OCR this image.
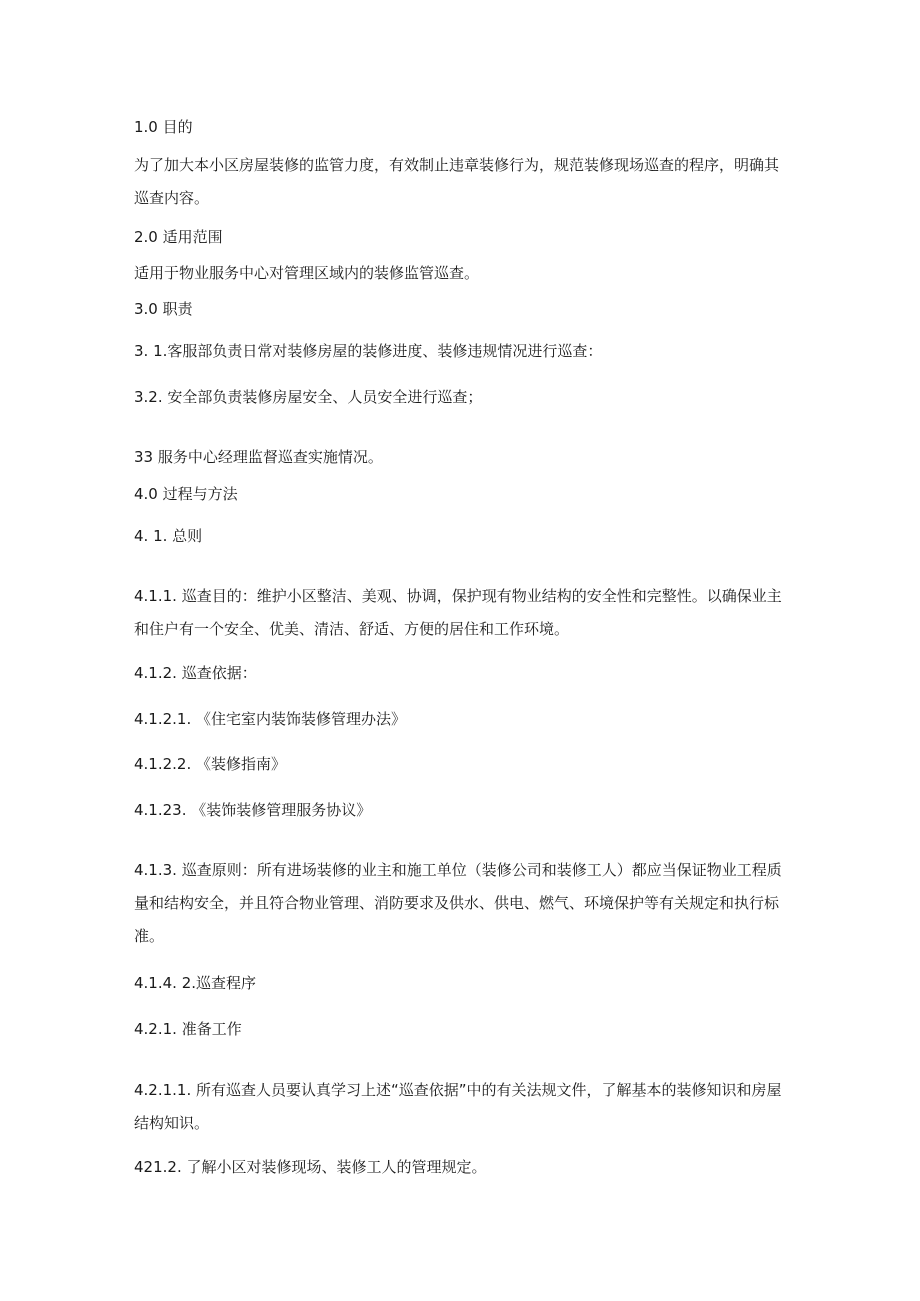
1.0 目的
为了加大本小区房屋装修的监管力度，有效制止违章装修行为，规范装修现场巡查的程序，明确其巡查内容。
2.0 适用范围
适用于物业服务中心对管理区域内的装修监管巡查。
3.0 职责
3. 1.客服部负责日常对装修房屋的装修进度、装修违规情况进行巡查：
3.2. 安全部负责装修房屋安全、人员安全进行巡查；
33 服务中心经理监督巡查实施情况。
4.0 过程与方法
4. 1. 总则
4.1.1. 巡查目的：维护小区整洁、美观、协调，保护现有物业结构的安全性和完整性。以确保业主和住户有一个安全、优美、清洁、舒适、方便的居住和工作环境。
4.1.2. 巡查依据：
4.1.2.1. 《住宅室内装饰装修管理办法》
4.1.2.2. 《装修指南》
4.1.23. 《装饰装修管理服务协议》
4.1.3. 巡查原则：所有进场装修的业主和施工单位（装修公司和装修工人）都应当保证物业工程质量和结构安全，并且符合物业管理、消防要求及供水、供电、燃气、环境保护等有关规定和执行标准。
4.1.4. 2.巡查程序
4.2.1. 准备工作
4.2.1.1. 所有巡查人员要认真学习上述“巡查依据”中的有关法规文件，了解基本的装修知识和房屋结构知识。
421.2. 了解小区对装修现场、装修工人的管理规定。
